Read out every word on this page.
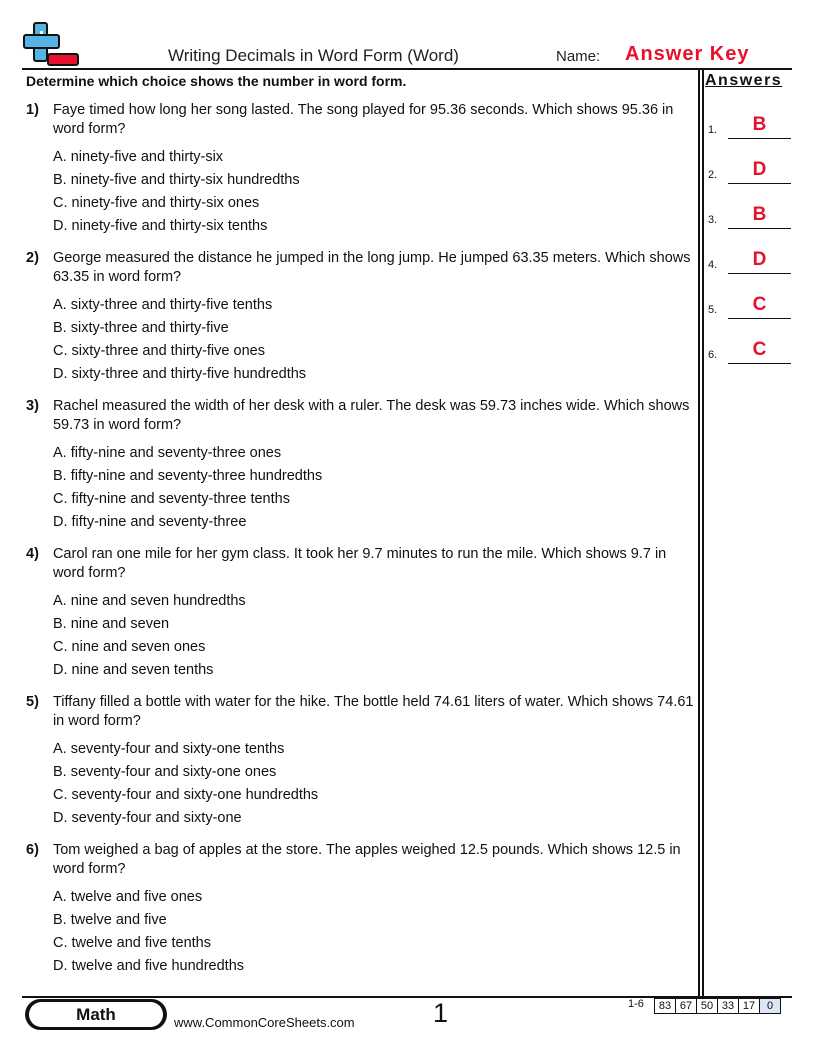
Writing Decimals in Word Form (Word)	Name: Answer Key
Determine which choice shows the number in word form.	Answers
1) Faye timed how long her song lasted. The song played for 95.36 seconds. Which shows 95.36 in word form?
A. ninety-five and thirty-six
B. ninety-five and thirty-six hundredths
C. ninety-five and thirty-six ones
D. ninety-five and thirty-six tenths
2) George measured the distance he jumped in the long jump. He jumped 63.35 meters. Which shows 63.35 in word form?
A. sixty-three and thirty-five tenths
B. sixty-three and thirty-five
C. sixty-three and thirty-five ones
D. sixty-three and thirty-five hundredths
3) Rachel measured the width of her desk with a ruler. The desk was 59.73 inches wide. Which shows 59.73 in word form?
A. fifty-nine and seventy-three ones
B. fifty-nine and seventy-three hundredths
C. fifty-nine and seventy-three tenths
D. fifty-nine and seventy-three
4) Carol ran one mile for her gym class. It took her 9.7 minutes to run the mile. Which shows 9.7 in word form?
A. nine and seven hundredths
B. nine and seven
C. nine and seven ones
D. nine and seven tenths
5) Tiffany filled a bottle with water for the hike. The bottle held 74.61 liters of water. Which shows 74.61 in word form?
A. seventy-four and sixty-one tenths
B. seventy-four and sixty-one ones
C. seventy-four and sixty-one hundredths
D. seventy-four and sixty-one
6) Tom weighed a bag of apples at the store. The apples weighed 12.5 pounds. Which shows 12.5 in word form?
A. twelve and five ones
B. twelve and five
C. twelve and five tenths
D. twelve and five hundredths
1.	B
2.	D
3.	B
4.	D
5.	C
6.	C
Math	www.CommonCoreSheets.com	1	1-6	83 67 50 33 17	0
